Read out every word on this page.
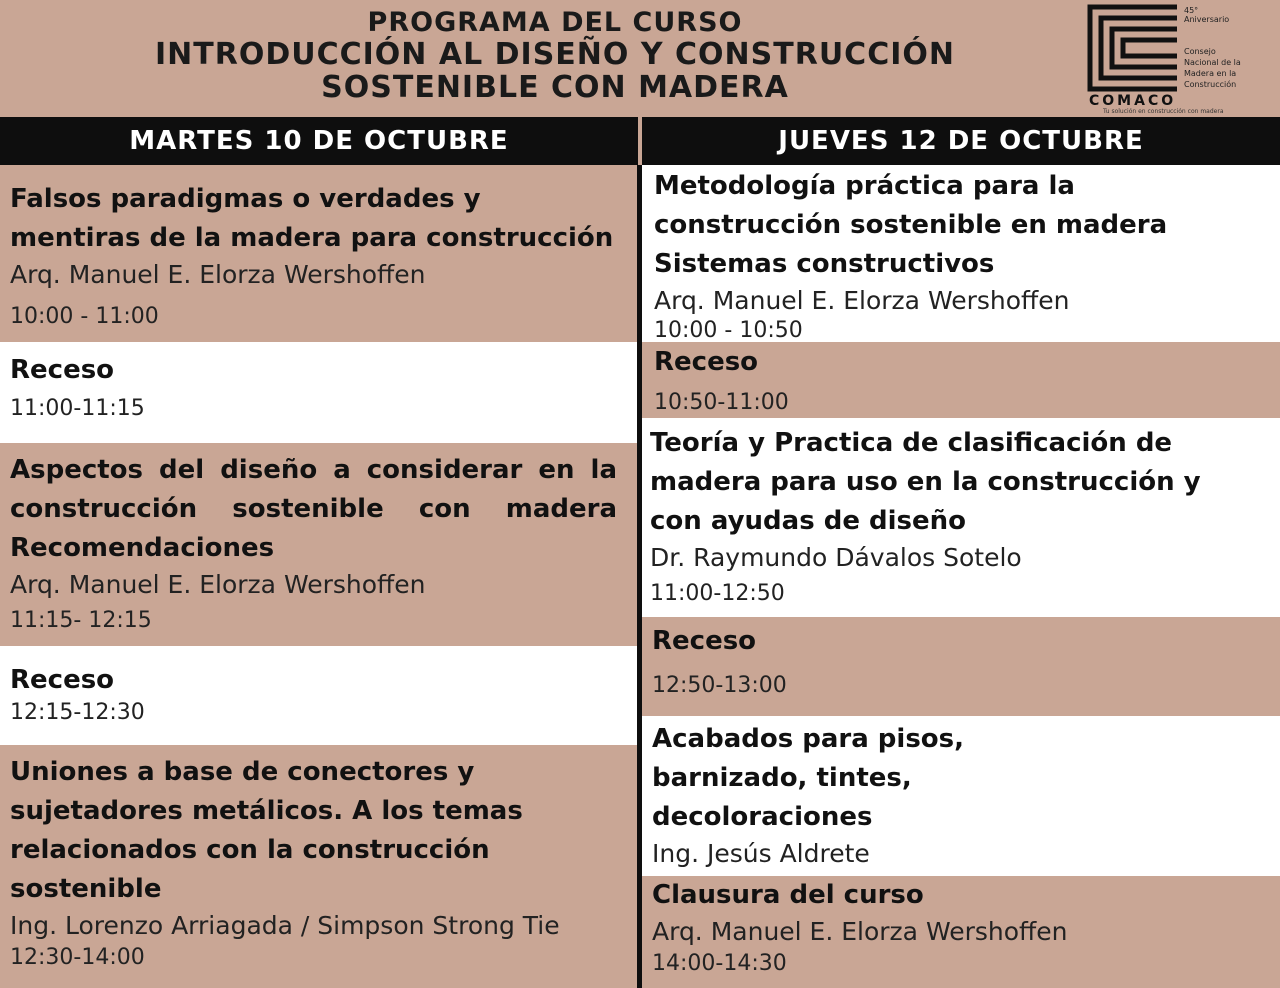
PROGRAMA DEL CURSO
INTRODUCCIÓN AL DISEÑO Y CONSTRUCCIÓN
SOSTENIBLE CON MADERA
45°
Aniversario
Consejo
Nacional de la
Madera en la
Construcción
COMACO
Tu solución en construcción con madera
MARTES 10 DE OCTUBRE	JUEVES 12 DE OCTUBRE
Falsos paradigmas o verdades y mentiras de la madera para construcción
Arq. Manuel E. Elorza Wershoffen
10:00 - 11:00
Receso
11:00-11:15
Aspectos del diseño a considerar en la construcción sostenible con madera Recomendaciones
Arq. Manuel E. Elorza Wershoffen
11:15- 12:15
Receso
12:15-12:30
Uniones a base de conectores y sujetadores metálicos. A los temas relacionados con la construcción sostenible
Ing. Lorenzo Arriagada / Simpson Strong Tie
12:30-14:00
Metodología práctica para la construcción sostenible en madera Sistemas constructivos
Arq. Manuel E. Elorza Wershoffen
10:00 - 10:50
Receso
10:50-11:00
Teoría y Practica de clasificación de madera para uso en la construcción y con ayudas de diseño
Dr. Raymundo Dávalos Sotelo
11:00-12:50
Receso
12:50-13:00
Acabados para pisos, barnizado, tintes, decoloraciones
Ing. Jesús Aldrete
Clausura del curso
Arq. Manuel E. Elorza Wershoffen
14:00-14:30
